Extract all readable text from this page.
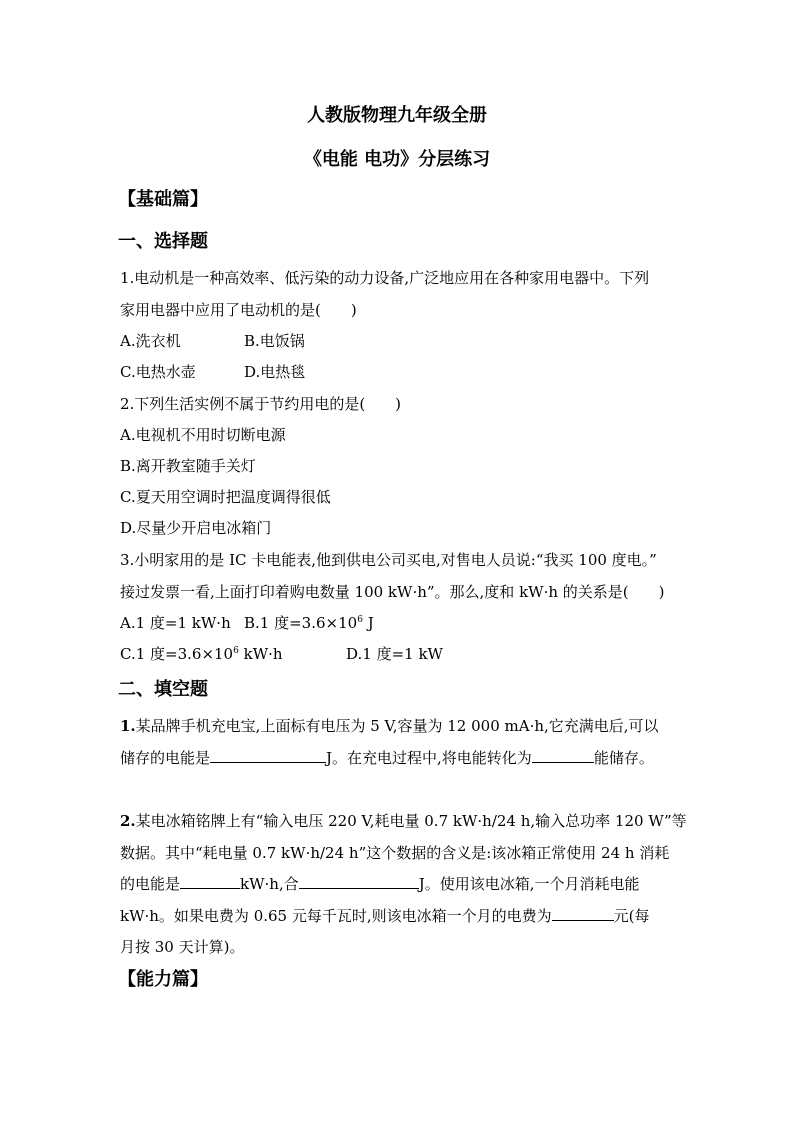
人教版物理九年级全册
《电能 电功》分层练习
【基础篇】
一、选择题
1.电动机是一种高效率、低污染的动力设备,广泛地应用在各种家用电器中。下列
家用电器中应用了电动机的是(　　)
A.洗衣机	B.电饭锅
C.电热水壶	D.电热毯
2.下列生活实例不属于节约用电的是(　　)
A.电视机不用时切断电源
B.离开教室随手关灯
C.夏天用空调时把温度调得很低
D.尽量少开启电冰箱门
3.小明家用的是 IC 卡电能表,他到供电公司买电,对售电人员说:“我买 100 度电。”
接过发票一看,上面打印着购电数量 100 kW·h”。那么,度和 kW·h 的关系是(　　)
A.1 度=1 kW·h B.1 度$=3.6\times 10^6$ J
C.1 度$=3.6\times 10^6$ kW·h	D.1 度=1 kW
二、填空题
1.某品牌手机充电宝,上面标有电压为 5 V,容量为 12 000 mA·h,它充满电后,可以
储存的电能是	J。在充电过程中,将电能转化为	能储存。
2.某电冰箱铭牌上有“输入电压 220 V,耗电量 0.7 kW·h/24 h,输入总功率 120 W”等
数据。其中“耗电量 0.7 kW·h/24 h”这个数据的含义是:该冰箱正常使用 24 h 消耗
的电能是	kW·h,合	J。使用该电冰箱,一个月消耗电能
kW·h。如果电费为 0.65 元每千瓦时,则该电冰箱一个月的电费为	元(每
月按 30 天计算)。
【能力篇】
